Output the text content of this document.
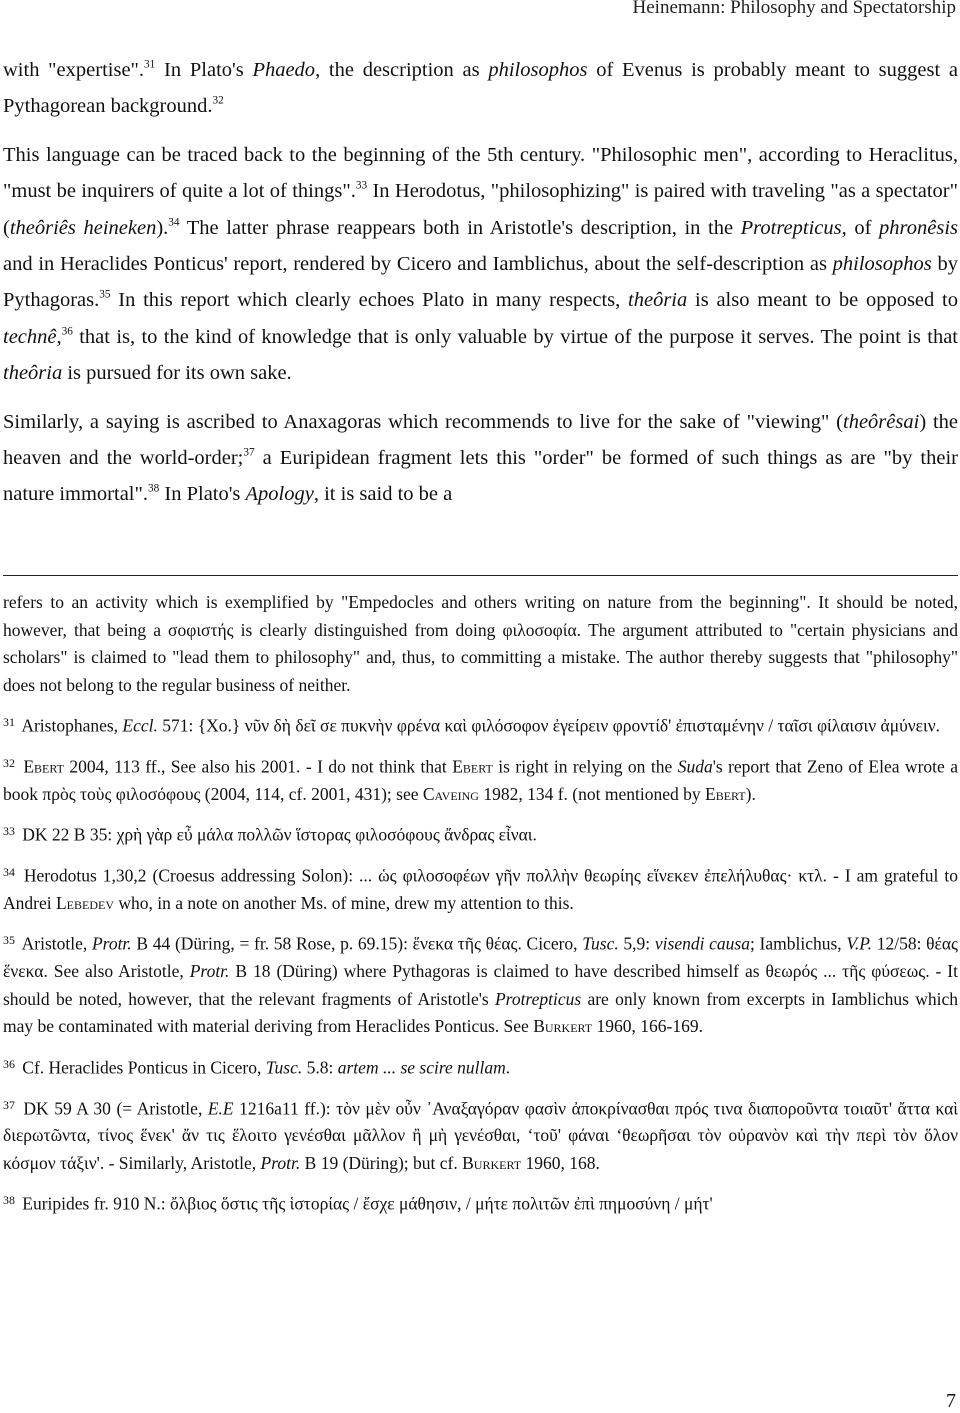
Heinemann: Philosophy and Spectatorship

with "expertise".$^{31}$ In Plato's Phaedo, the description as philosophos of Evenus is probably meant to suggest a Pythagorean background.$^{32}$

This language can be traced back to the beginning of the 5th century. "Philosophic men", according to Heraclitus, "must be inquirers of quite a lot of things".$^{33}$ In Herodotus, "philosophizing" is paired with traveling "as a spectator" (theôriês heineken).$^{34}$ The latter phrase reappears both in Aristotle's description, in the Protrepticus, of phronêsis and in Heraclides Ponticus' report, rendered by Cicero and Iamblichus, about the self-description as philosophos by Pythagoras.$^{35}$ In this report which clearly echoes Plato in many respects, theôria is also meant to be opposed to technê,$^{36}$ that is, to the kind of knowledge that is only valuable by virtue of the purpose it serves. The point is that theôria is pursued for its own sake.

Similarly, a saying is ascribed to Anaxagoras which recommends to live for the sake of "viewing" (theôrêsai) the heaven and the world-order;$^{37}$ a Euripidean fragment lets this "order" be formed of such things as are "by their nature immortal".$^{38}$ In Plato's Apology, it is said to be a

refers to an activity which is exemplified by "Empedocles and others writing on nature from the beginning". It should be noted, however, that being a σοφιστής is clearly distinguished from doing φιλοσοφία. The argument attributed to "certain physicians and scholars" is claimed to "lead them to philosophy" and, thus, to committing a mistake. The author thereby suggests that "philosophy" does not belong to the regular business of neither.

$^{31}$ Aristophanes, Eccl. 571: {Xo.} νῦν δὴ δεῖ σε πυκνὴν φρένα καὶ φιλόσοφον ἐγείρειν φροντίδ' ἐπισταμένην / ταῖσι φίλαισιν ἀμύνειν.

$^{32}$ Ebert 2004, 113 ff., See also his 2001. - I do not think that Ebert is right in relying on the Suda's report that Zeno of Elea wrote a book πρὸς τοὺς φιλοσόφους (2004, 114, cf. 2001, 431); see Caveing 1982, 134 f. (not mentioned by Ebert).

$^{33}$ DK 22 B 35: χρὴ γὰρ εὖ μάλα πολλῶν ἵστορας φιλοσόφους ἄνδρας εἶναι.

$^{34}$ Herodotus 1,30,2 (Croesus addressing Solon): ... ὡς φιλοσοφέων γῆν πολλὴν θεωρίης εἵνεκεν ἐπελήλυθας· κτλ. - I am grateful to Andrei Lebedev who, in a note on another Ms. of mine, drew my attention to this.

$^{35}$ Aristotle, Protr. B 44 (Düring, = fr. 58 Rose, p. 69.15): ἕνεκα τῆς θέας. Cicero, Tusc. 5,9: visendi causa; Iamblichus, V.P. 12/58: θέας ἕνεκα. See also Aristotle, Protr. B 18 (Düring) where Pythagoras is claimed to have described himself as θεωρός ... τῆς φύσεως. - It should be noted, however, that the relevant fragments of Aristotle's Protrepticus are only known from excerpts in Iamblichus which may be contaminated with material deriving from Heraclides Ponticus. See Burkert 1960, 166-169.

$^{36}$ Cf. Heraclides Ponticus in Cicero, Tusc. 5.8: artem ... se scire nullam.

$^{37}$ DK 59 A 30 (= Aristotle, E.E 1216a11 ff.): τὸν μὲν οὖν ᾿Αναξαγόραν φασὶν ἀποκρίνασθαι πρός τινα διαποροῦντα τοιαῦτ' ἄττα καὶ διερωτῶντα, τίνος ἕνεκ' ἄν τις ἕλοιτο γενέσθαι μᾶλλον ἢ μὴ γενέσθαι, ʻτοῦ' φάναι ʻθεωρῆσαι τὸν οὐρανὸν καὶ τὴν περὶ τὸν ὅλον κόσμον τάξιν'. - Similarly, Aristotle, Protr. B 19 (Düring); but cf. Burkert 1960, 168.

$^{38}$ Euripides fr. 910 N.: ὄλβιος ὅστις τῆς ἱστορίας / ἔσχε μάθησιν, / μήτε πολιτῶν ἐπὶ πημοσύνη / μήτ'

7
